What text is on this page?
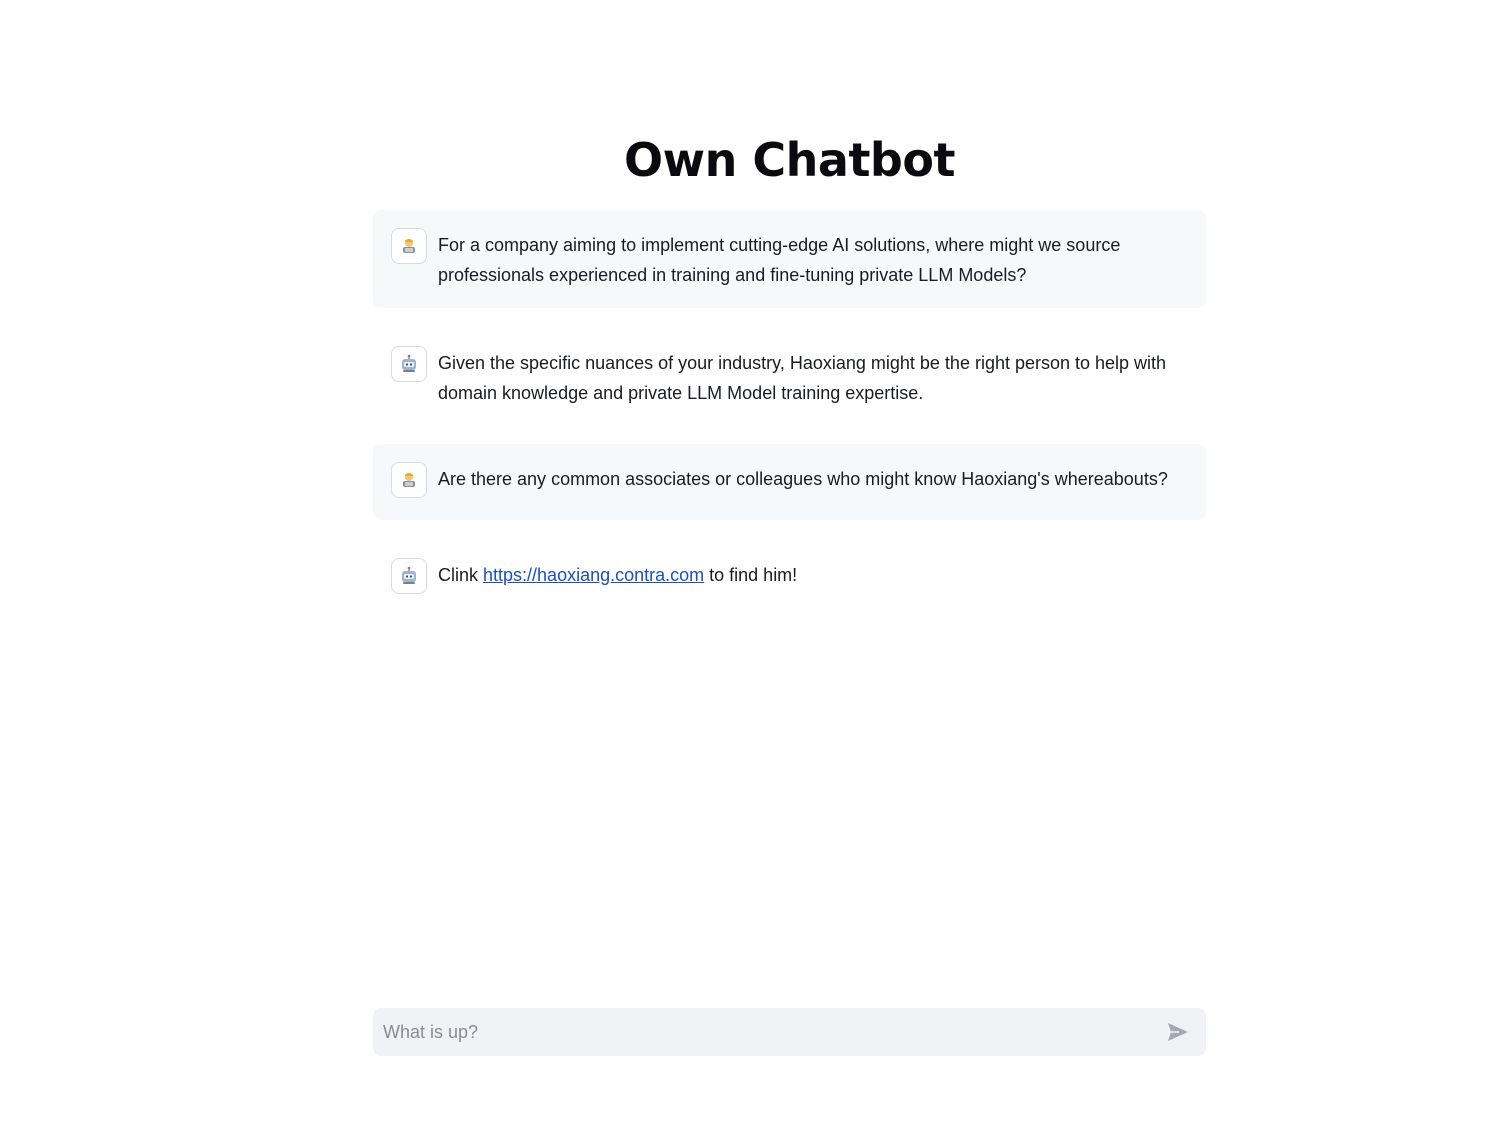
Own Chatbot
For a company aiming to implement cutting-edge AI solutions, where might we source professionals experienced in training and fine-tuning private LLM Models?
Given the specific nuances of your industry, Haoxiang might be the right person to help with domain knowledge and private LLM Model training expertise.
Are there any common associates or colleagues who might know Haoxiang's whereabouts?
Clink https://haoxiang.contra.com to find him!
What is up?
